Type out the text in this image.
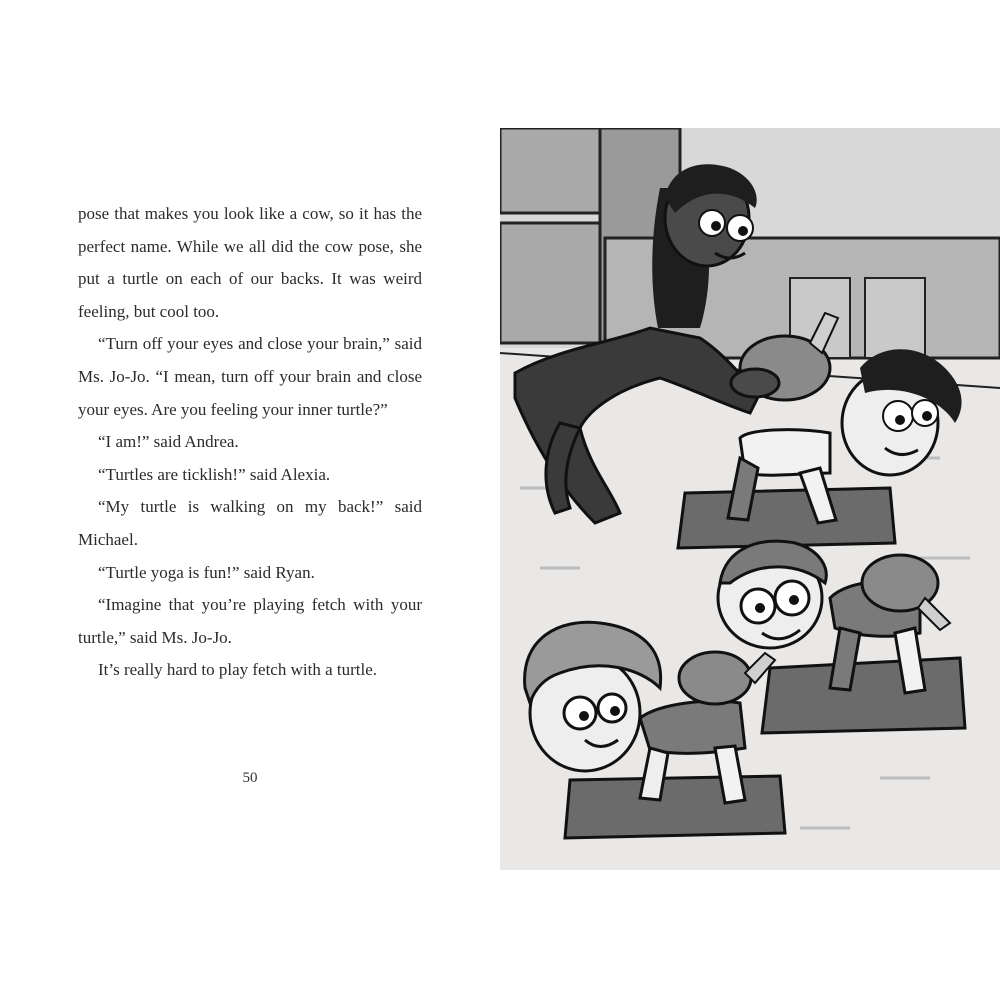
pose that makes you look like a cow, so it has the perfect name. While we all did the cow pose, she put a turtle on each of our backs. It was weird feeling, but cool too.

“Turn off your eyes and close your brain,” said Ms. Jo-Jo. “I mean, turn off your brain and close your eyes. Are you feeling your inner turtle?”

“I am!” said Andrea.

“Turtles are ticklish!” said Alexia.

“My turtle is walking on my back!” said Michael.

“Turtle yoga is fun!” said Ryan.

“Imagine that you’re playing fetch with your turtle,” said Ms. Jo-Jo.

It’s really hard to play fetch with a turtle.

50
